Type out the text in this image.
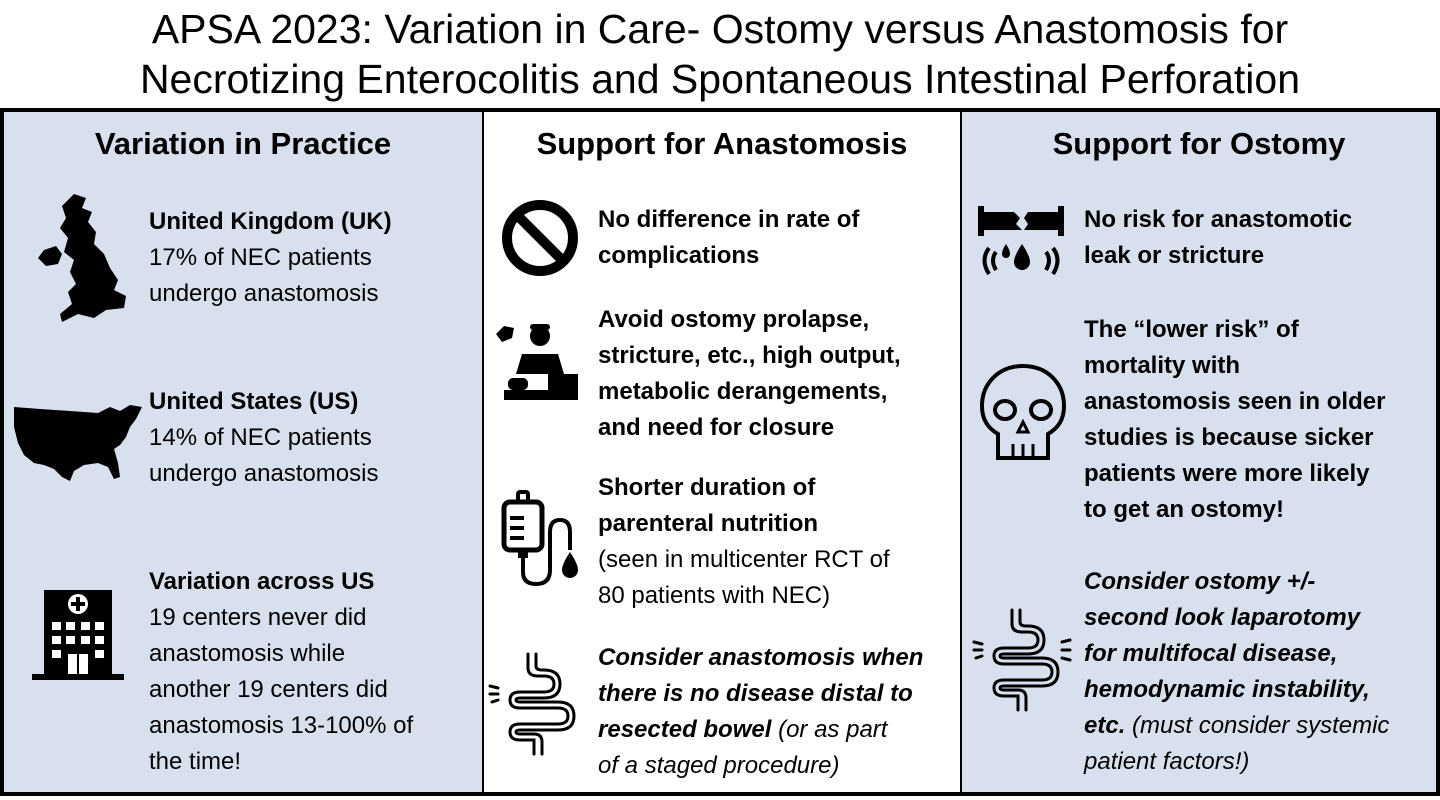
APSA 2023: Variation in Care- Ostomy versus Anastomosis for
Necrotizing Enterocolitis and Spontaneous Intestinal Perforation
Variation in Practice
United Kingdom (UK)
17% of NEC patients
undergo anastomosis
United States (US)
14% of NEC patients
undergo anastomosis
Variation across US
19 centers never did
anastomosis while
another 19 centers did
anastomosis 13-100% of
the time!
Support for Anastomosis
No difference in rate of
complications
Avoid ostomy prolapse,
stricture, etc., high output,
metabolic derangements,
and need for closure
Shorter duration of
parenteral nutrition
(seen in multicenter RCT of
80 patients with NEC)
Consider anastomosis when
there is no disease distal to
resected bowel (or as part
of a staged procedure)
Support for Ostomy
No risk for anastomotic
leak or stricture
The “lower risk” of
mortality with
anastomosis seen in older
studies is because sicker
patients were more likely
to get an ostomy!
Consider ostomy +/-
second look laparotomy
for multifocal disease,
hemodynamic instability,
etc. (must consider systemic
patient factors!)
